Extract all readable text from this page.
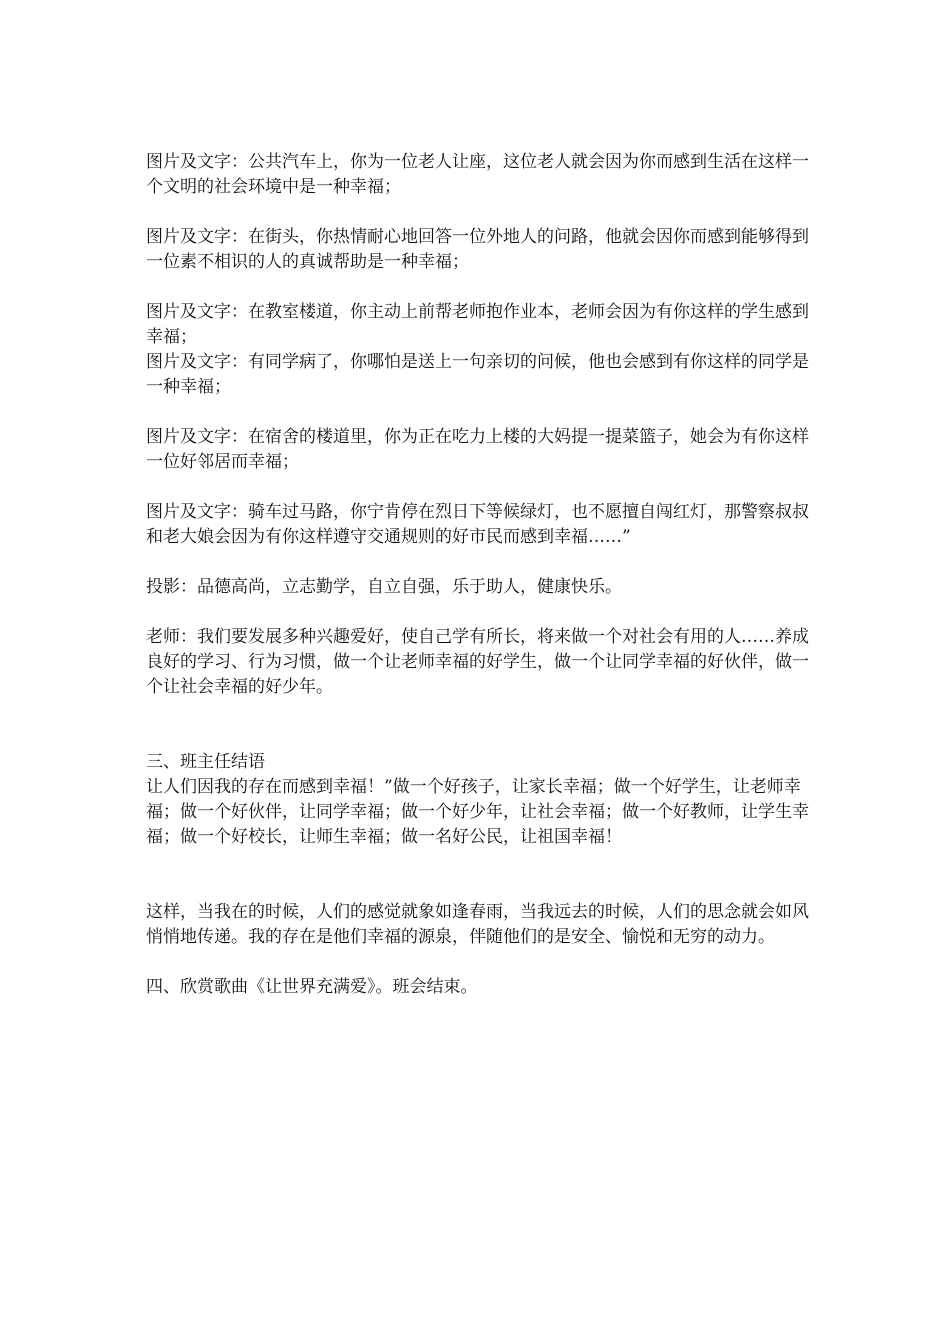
图片及文字：公共汽车上，你为一位老人让座，这位老人就会因为你而感到生活在这样一个文明的社会环境中是一种幸福；

图片及文字：在街头，你热情耐心地回答一位外地人的问路，他就会因你而感到能够得到一位素不相识的人的真诚帮助是一种幸福；

图片及文字：在教室楼道，你主动上前帮老师抱作业本，老师会因为有你这样的学生感到幸福；

图片及文字：有同学病了，你哪怕是送上一句亲切的问候，他也会感到有你这样的同学是一种幸福；

图片及文字：在宿舍的楼道里，你为正在吃力上楼的大妈提一提菜篮子，她会为有你这样一位好邻居而幸福；

图片及文字：骑车过马路，你宁肯停在烈日下等候绿灯，也不愿擅自闯红灯，那警察叔叔和老大娘会因为有你这样遵守交通规则的好市民而感到幸福……”

投影：品德高尚，立志勤学，自立自强，乐于助人，健康快乐。

老师：我们要发展多种兴趣爱好，使自己学有所长，将来做一个对社会有用的人……养成良好的学习、行为习惯，做一个让老师幸福的好学生，做一个让同学幸福的好伙伴，做一个让社会幸福的好少年。

三、班主任结语

让人们因我的存在而感到幸福！”做一个好孩子，让家长幸福；做一个好学生，让老师幸福；做一个好伙伴，让同学幸福；做一个好少年，让社会幸福；做一个好教师，让学生幸福；做一个好校长，让师生幸福；做一名好公民，让祖国幸福！

这样，当我在的时候，人们的感觉就象如逢春雨，当我远去的时候，人们的思念就会如风悄悄地传递。我的存在是他们幸福的源泉，伴随他们的是安全、愉悦和无穷的动力。

四、欣赏歌曲《让世界充满爱》。班会结束。
